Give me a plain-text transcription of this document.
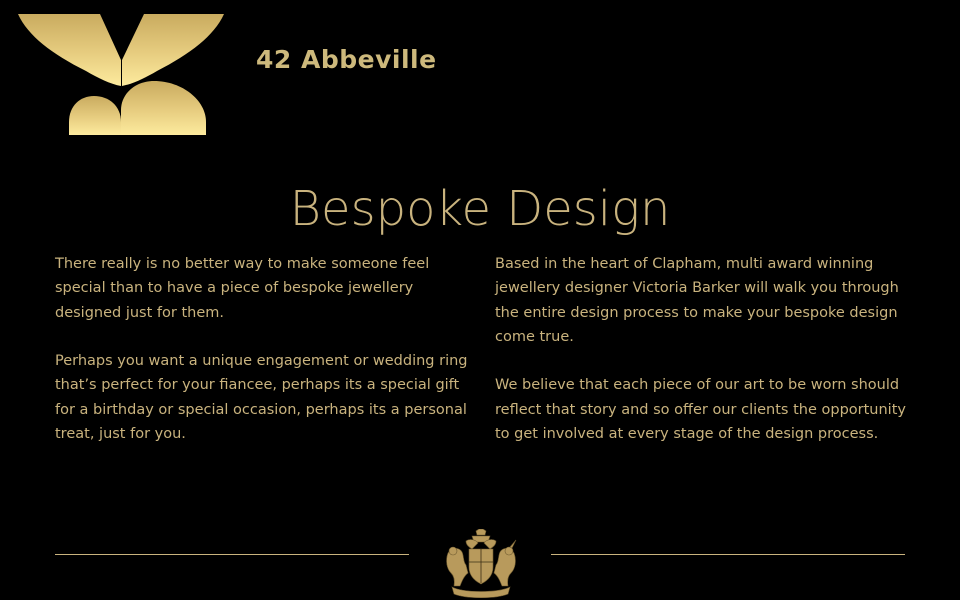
42 Abbeville
Bespoke Design

There really is no better way to make someone feel special than to have a piece of bespoke jewellery designed just for them.

Perhaps you want a unique engagement or wedding ring that’s perfect for your fiancee, perhaps its a special gift for a birthday or special occasion, perhaps its a personal treat, just for you.

Based in the heart of Clapham, multi award winning jewellery designer Victoria Barker will walk you through the entire design process to make your bespoke design come true.

We believe that each piece of our art to be worn should reflect that story and so offer our clients the opportunity to get involved at every stage of the design process.
